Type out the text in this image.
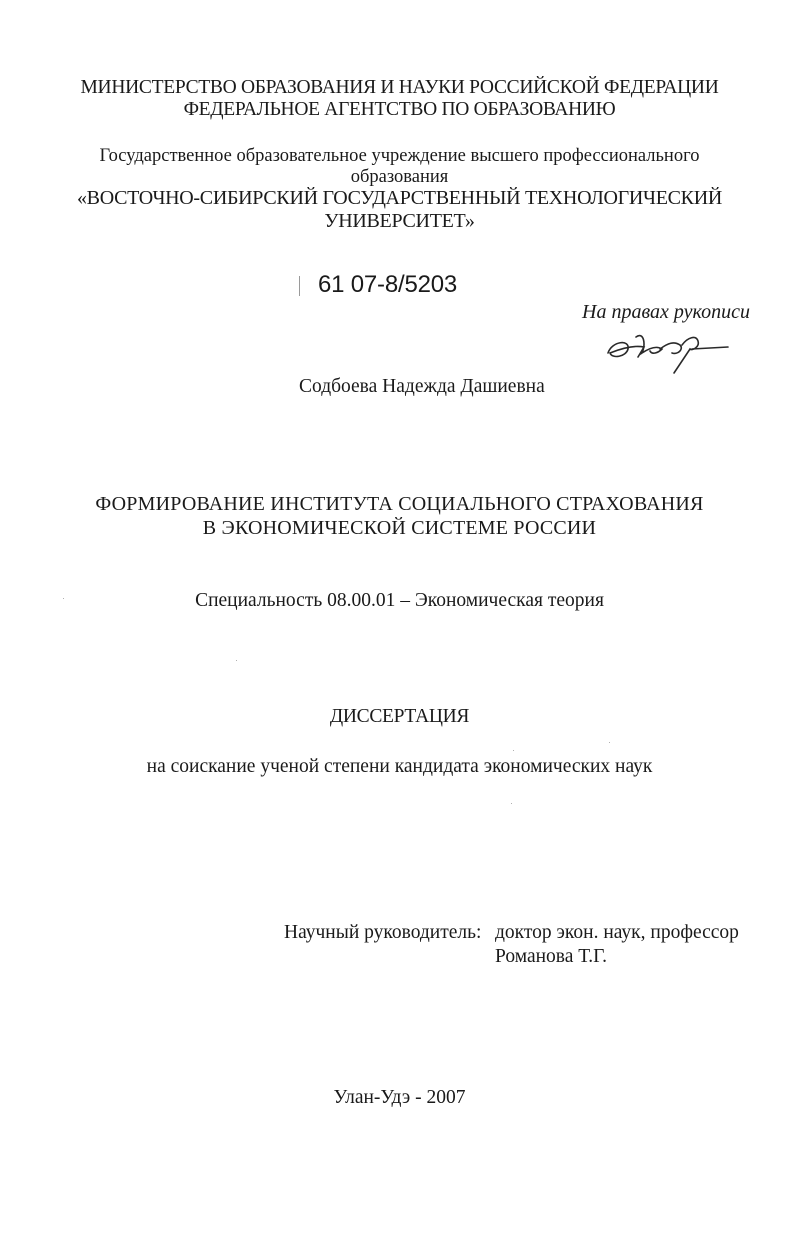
МИНИСТЕРСТВО ОБРАЗОВАНИЯ И НАУКИ РОССИЙСКОЙ ФЕДЕРАЦИИ
ФЕДЕРАЛЬНОЕ АГЕНТСТВО ПО ОБРАЗОВАНИЮ
Государственное образовательное учреждение высшего профессионального
образования
«ВОСТОЧНО-СИБИРСКИЙ ГОСУДАРСТВЕННЫЙ ТЕХНОЛОГИЧЕСКИЙ
УНИВЕРСИТЕТ»
61 07-8/5203
На правах рукописи
Содбоева Надежда Дашиевна
ФОРМИРОВАНИЕ ИНСТИТУТА СОЦИАЛЬНОГО СТРАХОВАНИЯ
В ЭКОНОМИЧЕСКОЙ СИСТЕМЕ РОССИИ
Специальность 08.00.01 – Экономическая теория
ДИССЕРТАЦИЯ
на соискание ученой степени кандидата экономических наук
Научный руководитель: доктор экон. наук, профессор
Романова Т.Г.
Улан-Удэ - 2007
